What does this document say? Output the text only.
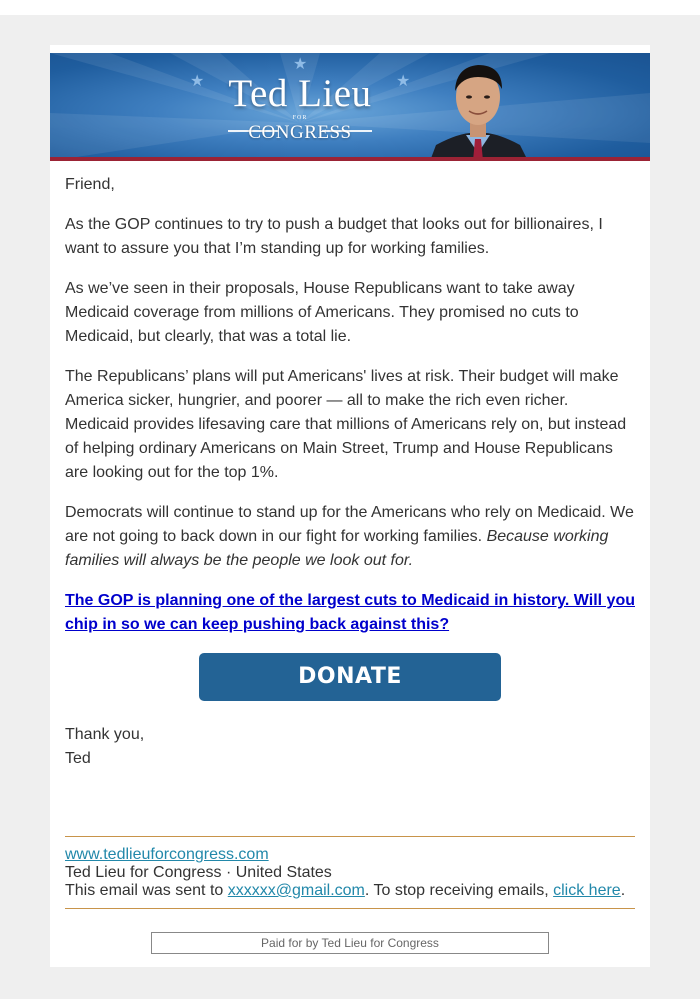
★
★
★
Ted Lieu
FOR
CONGRESS

Friend,

As the GOP continues to try to push a budget that looks out for billionaires, I want to assure you that I’m standing up for working families.

As we’ve seen in their proposals, House Republicans want to take away Medicaid coverage from millions of Americans. They promised no cuts to Medicaid, but clearly, that was a total lie.

The Republicans’ plans will put Americans' lives at risk. Their budget will make America sicker, hungrier, and poorer — all to make the rich even richer. Medicaid provides lifesaving care that millions of Americans rely on, but instead of helping ordinary Americans on Main Street, Trump and House Republicans are looking out for the top 1%.

Democrats will continue to stand up for the Americans who rely on Medicaid. We are not going to back down in our fight for working families. Because working families will always be the people we look out for.

The GOP is planning one of the largest cuts to Medicaid in history. Will you chip in so we can keep pushing back against this?
DONATE

Thank you,

Ted

www.tedlieuforcongress.com
Ted Lieu for Congress · United States
This email was sent to xxxxxx@gmail.com. To stop receiving emails, click here.
Paid for by Ted Lieu for Congress
